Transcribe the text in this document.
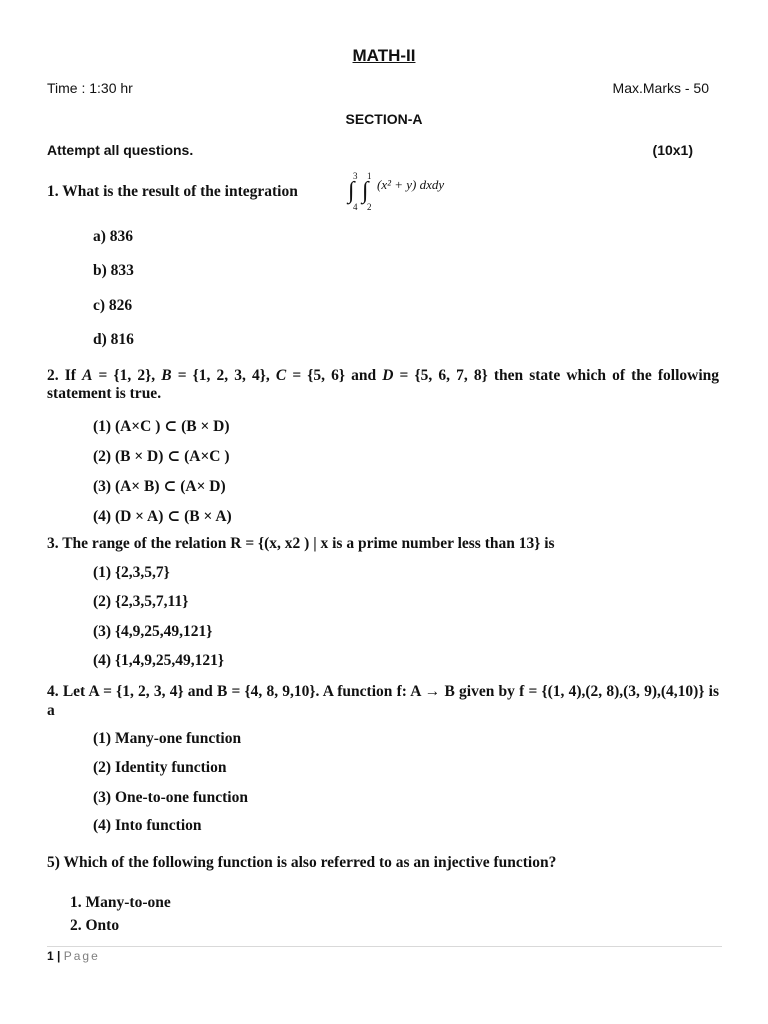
MATH-II
Time : 1:30 hr	Max.Marks - 50
SECTION-A
Attempt all questions.	(10x1)
1. What is the result of the integration ∫
3
4
∫
1
2
(x² + y) dxdy
a) 836
b) 833
c) 826
d) 816
2. If A = {1, 2}, B = {1, 2, 3, 4}, C = {5, 6} and D = {5, 6, 7, 8} then state which of the following statement is true.
(1) (A×C ) ⊂ (B × D)
(2) (B × D) ⊂ (A×C )
(3) (A× B) ⊂ (A× D)
(4) (D × A) ⊂ (B × A)
3. The range of the relation R = {(x, x2 ) | x is a prime number less than 13} is
(1) {2,3,5,7}
(2) {2,3,5,7,11}
(3) {4,9,25,49,121}
(4) {1,4,9,25,49,121}
4. Let A = {1, 2, 3, 4} and B = {4, 8, 9,10}. A function f: A → B given by f = {(1, 4),(2, 8),(3, 9),(4,10)} is a
(1) Many-one function
(2) Identity function
(3) One-to-one function
(4) Into function
5) Which of the following function is also referred to as an injective function?
1. Many-to-one
2. Onto
1 | Page
